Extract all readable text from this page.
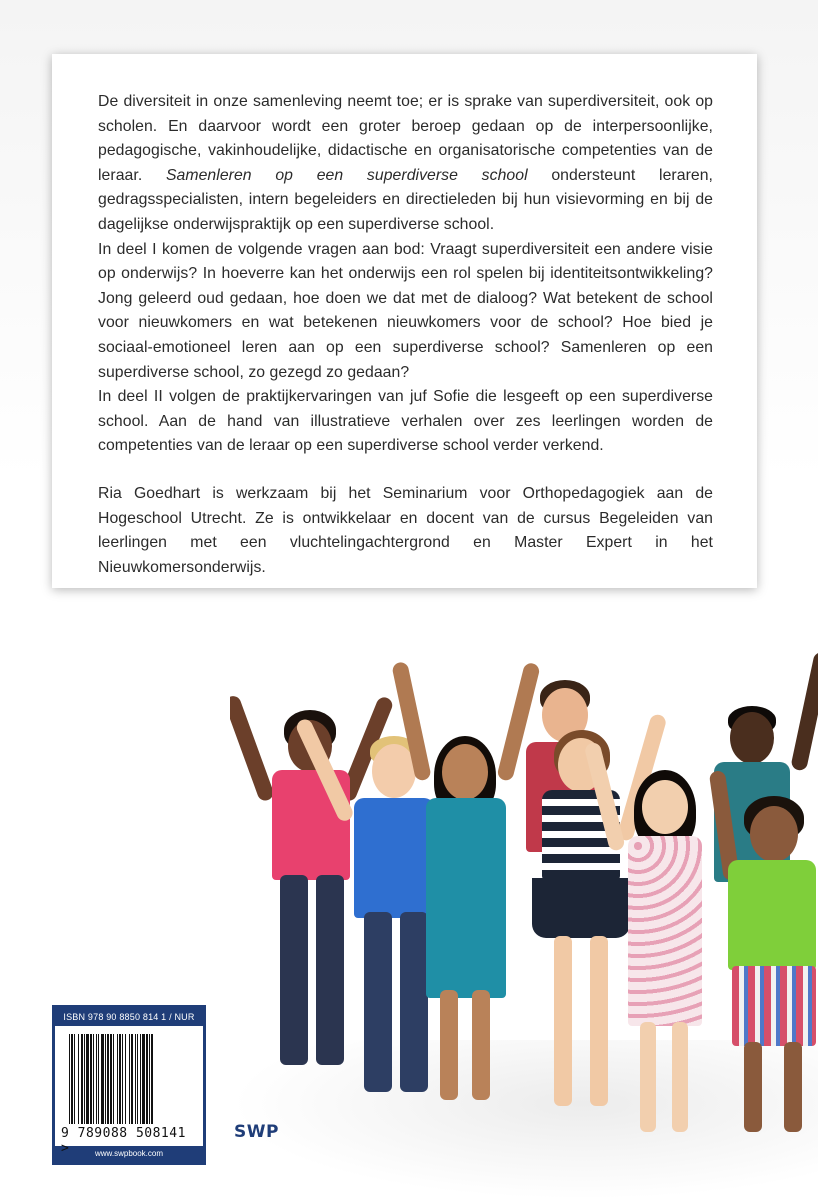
De diversiteit in onze samenleving neemt toe; er is sprake van superdiversiteit, ook op scholen. En daarvoor wordt een groter beroep gedaan op de interpersoonlijke, pedagogische, vakinhoudelijke, didactische en organisatorische competenties van de leraar. Samenleren op een superdiverse school ondersteunt leraren, gedragsspecialisten, intern begeleiders en directieleden bij hun visievorming en bij de dagelijkse onderwijspraktijk op een superdiverse school.

In deel I komen de volgende vragen aan bod: Vraagt superdiversiteit een andere visie op onderwijs? In hoeverre kan het onderwijs een rol spelen bij identiteitsontwikkeling? Jong geleerd oud gedaan, hoe doen we dat met de dialoog? Wat betekent de school voor nieuwkomers en wat betekenen nieuwkomers voor de school? Hoe bied je sociaal-emotioneel leren aan op een superdiverse school? Samenleren op een superdiverse school, zo gezegd zo gedaan?

In deel II volgen de praktijkervaringen van juf Sofie die lesgeeft op een superdiverse school. Aan de hand van illustratieve verhalen over zes leerlingen worden de competenties van de leraar op een superdiverse school verder verkend.

Ria Goedhart is werkzaam bij het Seminarium voor Orthopedagogiek aan de Hogeschool Utrecht. Ze is ontwikkelaar en docent van de cursus Begeleiden van leerlingen met een vluchtelingachtergrond en Master Expert in het Nieuwkomersonderwijs.

ISBN 978 90 8850 814 1 / NUR
9 789088 508141 >	www.swpbook.com
SWP
